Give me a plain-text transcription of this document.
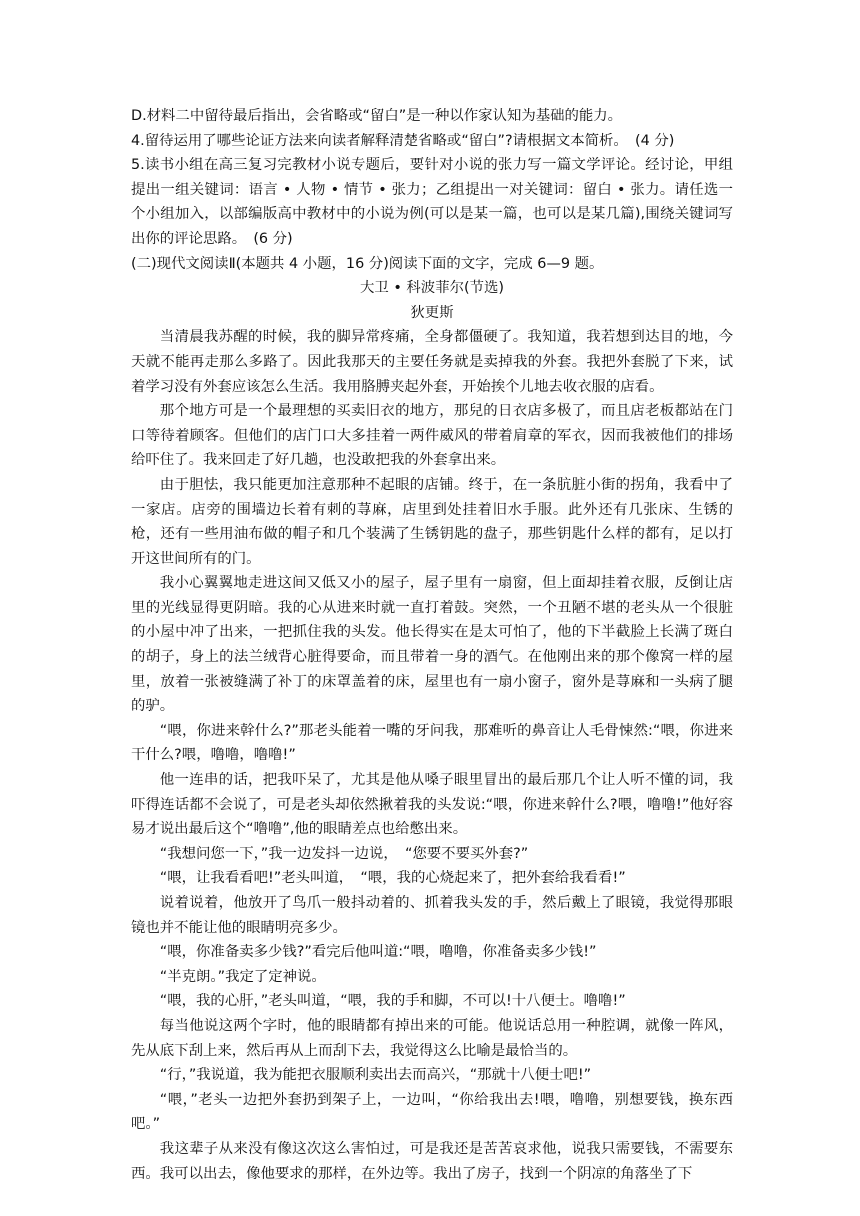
D.材料二中留待最后指出，会省略或“留白”是一种以作家认知为基础的能力。

4.留待运用了哪些论证方法来向读者解释清楚省略或“留白”?请根据文本简析。　(4 分)

5.读书小组在高三复习完教材小说专题后，要针对小说的张力写一篇文学评论。经讨论，甲组提出一组关键词：语言 • 人物 • 情节 • 张力；乙组提出一对关键词：留白 • 张力。请任选一个小组加入，以部编版高中教材中的小说为例(可以是某一篇，也可以是某几篇),围绕关键词写出你的评论思路。　(6 分)

(二)现代文阅读Ⅱ(本题共 4 小题，16 分)阅读下面的文字，完成 6—9 题。

大卫 • 科波菲尔(节选)

狄更斯

当清晨我苏醒的时候，我的脚异常疼痛，全身都僵硬了。我知道，我若想到达目的地，今天就不能再走那么多路了。因此我那天的主要任务就是卖掉我的外套。我把外套脱了下来，试着学习没有外套应该怎么生活。我用胳膊夹起外套，开始挨个儿地去收衣服的店看。

那个地方可是一个最理想的买卖旧衣的地方，那兒的日衣店多极了，而且店老板都站在门口等待着顾客。但他们的店门口大多挂着一两件威风的带着肩章的军衣，因而我被他们的排场给吓住了。我来回走了好几趟，也没敢把我的外套拿出来。

由于胆怯，我只能更加注意那种不起眼的店铺。终于，在一条肮脏小街的拐角，我看中了一家店。店旁的围墙边长着有刺的荨麻，店里到处挂着旧水手服。此外还有几张床、生锈的枪，还有一些用油布做的帽子和几个装满了生锈钥匙的盘子，那些钥匙什么样的都有，足以打开这世间所有的门。

我小心翼翼地走进这间又低又小的屋子，屋子里有一扇窗，但上面却挂着衣服，反倒让店里的光线显得更阴暗。我的心从进来时就一直打着鼓。突然，一个丑陋不堪的老头从一个很脏的小屋中冲了出来，一把抓住我的头发。他长得实在是太可怕了，他的下半截脸上长满了斑白的胡子，身上的法兰绒背心脏得要命，而且带着一身的酒气。在他刚出来的那个像窝一样的屋里，放着一张被缝满了补丁的床罩盖着的床，屋里也有一扇小窗子，窗外是荨麻和一头病了腿的驴。

“喂，你进来幹什么?”那老头能着一嘴的牙问我，那难听的鼻音让人毛骨悚然:“喂，你进来干什么?喂，噜噜，噜噜!”

他一连串的话，把我吓呆了，尤其是他从嗓子眼里冒出的最后那几个让人听不懂的词，我吓得连话都不会说了，可是老头却依然揪着我的头发说:“喂，你进来幹什么?喂，噜噜!”他好容易才说出最后这个“噜噜”,他的眼睛差点也给憋出来。

“我想问您一下，”我一边发抖一边说，　“您要不要买外套?”

“喂，让我看看吧!”老头叫道，　“喂，我的心烧起来了，把外套给我看看!”

说着说着，他放开了鸟爪一般抖动着的、抓着我头发的手，然后戴上了眼镜，我觉得那眼镜也并不能让他的眼睛明亮多少。

“喂，你准备卖多少钱?”看完后他叫道:“喂，噜噜，你准备卖多少钱!”

“半克朗。”我定了定神说。

“喂，我的心肝，”老头叫道，“喂，我的手和脚，不可以!十八便士。噜噜!”

每当他说这两个字时，他的眼睛都有掉出来的可能。他说话总用一种腔调，就像一阵风，先从底下刮上来，然后再从上而刮下去，我觉得这么比喻是最恰当的。

“行，”我说道，我为能把衣服顺利卖出去而高兴，“那就十八便士吧!”

“喂，”老头一边把外套扔到架子上，一边叫，“你给我出去!喂，噜噜，别想要钱，换东西吧。”

我这辈子从来没有像这次这么害怕过，可是我还是苦苦哀求他，说我只需要钱，不需要东西。我可以出去，像他要求的那样，在外边等。我出了房子，找到一个阴凉的角落坐了下
